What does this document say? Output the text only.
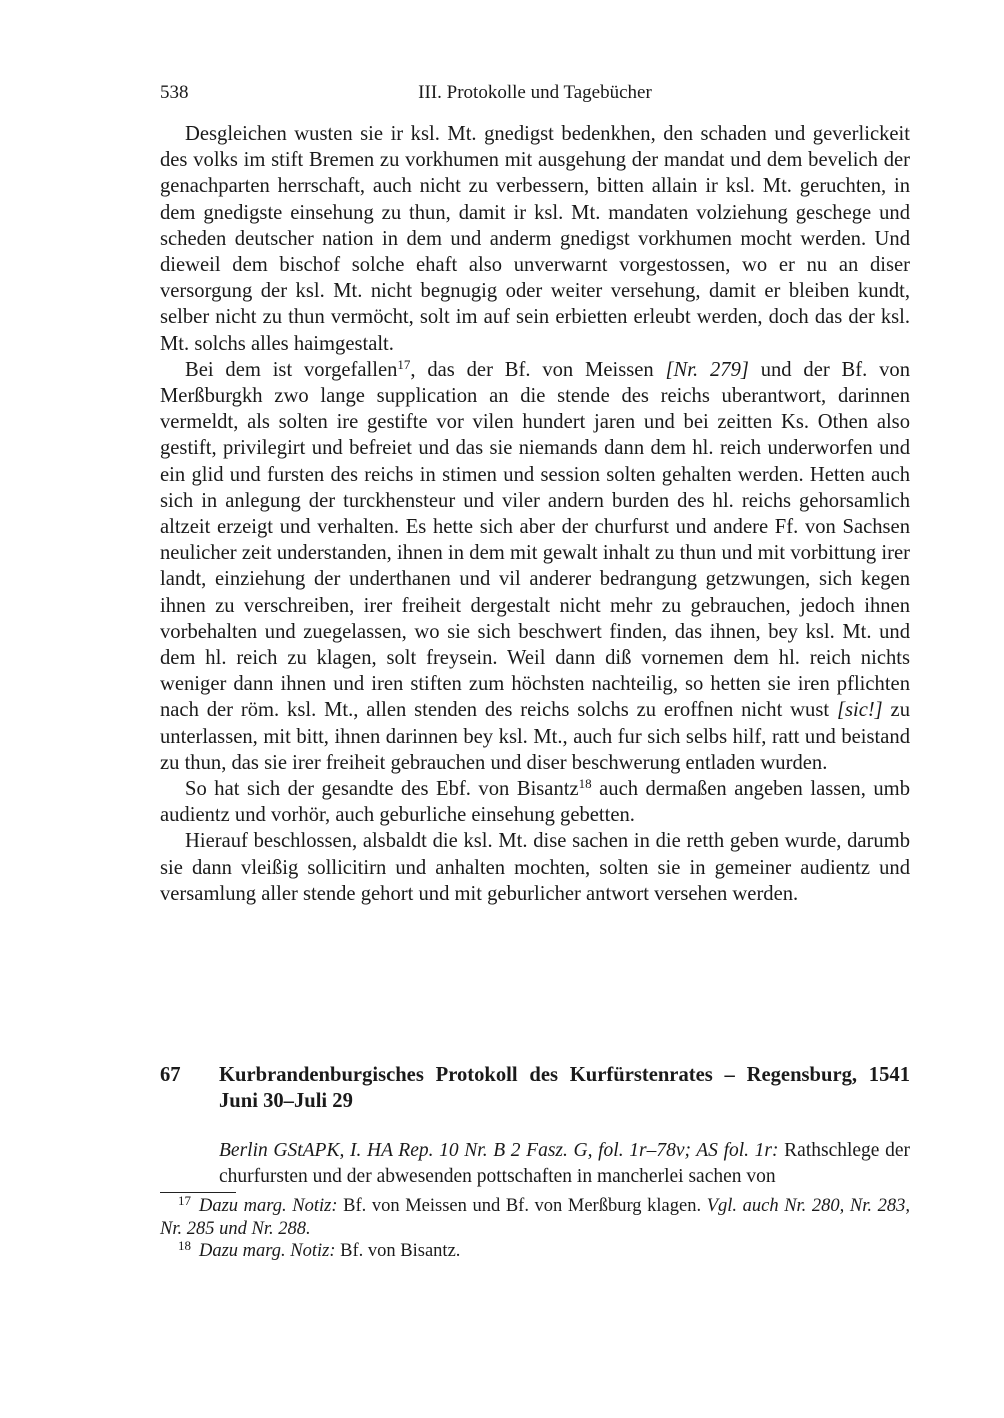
538	III. Protokolle und Tagebücher

Desgleichen wusten sie ir ksl. Mt. gnedigst bedenkhen, den schaden und geverlickeit des volks im stift Bremen zu vorkhumen mit ausgehung der mandat und dem bevelich der genachparten herrschaft, auch nicht zu verbessern, bitten allain ir ksl. Mt. geruchten, in dem gnedigste einsehung zu thun, damit ir ksl. Mt. mandaten volziehung geschege und scheden deutscher nation in dem und anderm gnedigst vorkhumen mocht werden. Und dieweil dem bischof solche ehaft also unverwarnt vorgestossen, wo er nu an diser versorgung der ksl. Mt. nicht begnugig oder weiter versehung, damit er bleiben kundt, selber nicht zu thun vermöcht, solt im auf sein erbietten erleubt werden, doch das der ksl. Mt. solchs alles haimgestalt.

Bei dem ist vorgefallen$^{17}$, das der Bf. von Meissen [Nr. 279] und der Bf. von Merßburgkh zwo lange supplication an die stende des reichs uberantwort, darinnen vermeldt, als solten ire gestifte vor vilen hundert jaren und bei zeitten Ks. Othen also gestift, privilegirt und befreiet und das sie niemands dann dem hl. reich underworfen und ein glid und fursten des reichs in stimen und session solten gehalten werden. Hetten auch sich in anlegung der turckhensteur und viler andern burden des hl. reichs gehorsamlich altzeit erzeigt und verhalten. Es hette sich aber der churfurst und andere Ff. von Sachsen neulicher zeit understanden, ihnen in dem mit gewalt inhalt zu thun und mit vorbittung irer landt, einziehung der underthanen und vil anderer bedrangung getzwungen, sich kegen ihnen zu verschreiben, irer freiheit dergestalt nicht mehr zu gebrauchen, jedoch ihnen vorbehalten und zuegelassen, wo sie sich beschwert finden, das ihnen, bey ksl. Mt. und dem hl. reich zu klagen, solt freysein. Weil dann diß vornemen dem hl. reich nichts weniger dann ihnen und iren stiften zum höchsten nachteilig, so hetten sie iren pflichten nach der röm. ksl. Mt., allen stenden des reichs solchs zu eroffnen nicht wust [sic!] zu unterlassen, mit bitt, ihnen darinnen bey ksl. Mt., auch fur sich selbs hilf, ratt und beistand zu thun, das sie irer freiheit gebrauchen und diser beschwerung entladen wurden.

So hat sich der gesandte des Ebf. von Bisantz$^{18}$ auch dermaßen angeben lassen, umb audientz und vorhör, auch geburliche einsehung gebetten.

Hierauf beschlossen, alsbaldt die ksl. Mt. dise sachen in die retth geben wurde, darumb sie dann vleißig sollicitirn und anhalten mochten, solten sie in gemeiner audientz und versamlung aller stende gehort und mit geburlicher antwort versehen werden.

67	Kurbrandenburgisches Protokoll des Kurfürstenrates – Regensburg, 1541 Juni 30–Juli 29
Berlin GStAPK, I. HA Rep. 10 Nr. B 2 Fasz. G, fol. 1r–78v; AS fol. 1r: Rathschlege der churfursten und der abwesenden pottschaften in mancherlei sachen von

$^{17}$ Dazu marg. Notiz: Bf. von Meissen und Bf. von Merßburg klagen. Vgl. auch Nr. 280, Nr. 283, Nr. 285 und Nr. 288.

$^{18}$ Dazu marg. Notiz: Bf. von Bisantz.
